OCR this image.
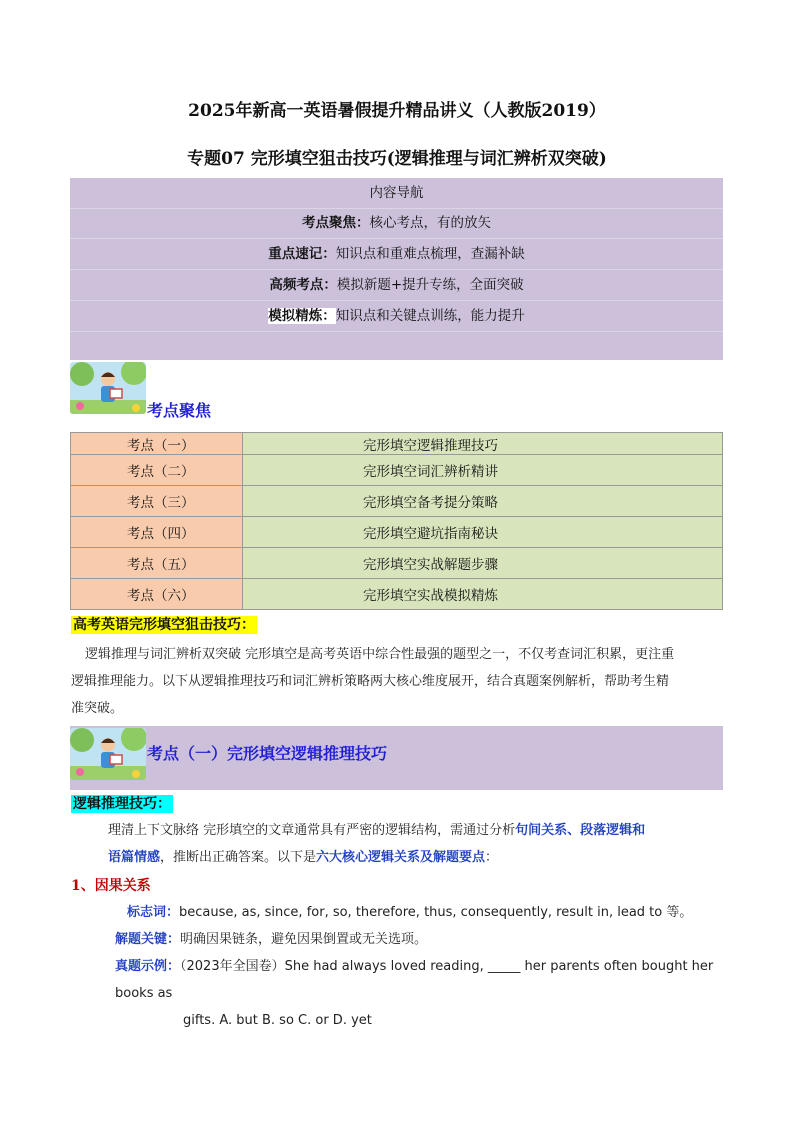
2025年新高一英语暑假提升精品讲义（人教版2019）
专题07 完形填空狙击技巧(逻辑推理与词汇辨析双突破)
内容导航
考点聚焦：核心考点，有的放矢
重点速记：知识点和重难点梳理，查漏补缺
高频考点：模拟新题+提升专练，全面突破
模拟精炼：知识点和关键点训练，能力提升
考点聚焦
考点（一）	完形填空逻辑推理技巧
考点（二）	完形填空词汇辨析精讲
考点（三）	完形填空备考提分策略
考点（四）	完形填空避坑指南秘诀
考点（五）	完形填空实战解题步骤
考点（六）	完形填空实战模拟精炼
高考英语完形填空狙击技巧：
逻辑推理与词汇辨析双突破 完形填空是高考英语中综合性最强的题型之一，不仅考查词汇积累，更注重
逻辑推理能力。以下从逻辑推理技巧和词汇辨析策略两大核心维度展开，结合真题案例解析，帮助考生精
准突破。
考点（一）完形填空逻辑推理技巧
逻辑推理技巧：
理清上下文脉络 完形填空的文章通常具有严密的逻辑结构，需通过分析句间关系、段落逻辑和
语篇情感，推断出正确答案。以下是六大核心逻辑关系及解题要点：
1、因果关系
标志词：because, as, since, for, so, therefore, thus, consequently, result in, lead to 等。
解题关键：明确因果链条，避免因果倒置或无关选项。
真题示例：（2023年全国卷）She had always loved reading, _____ her parents often bought her books as
gifts. A. but B. so C. or D. yet
